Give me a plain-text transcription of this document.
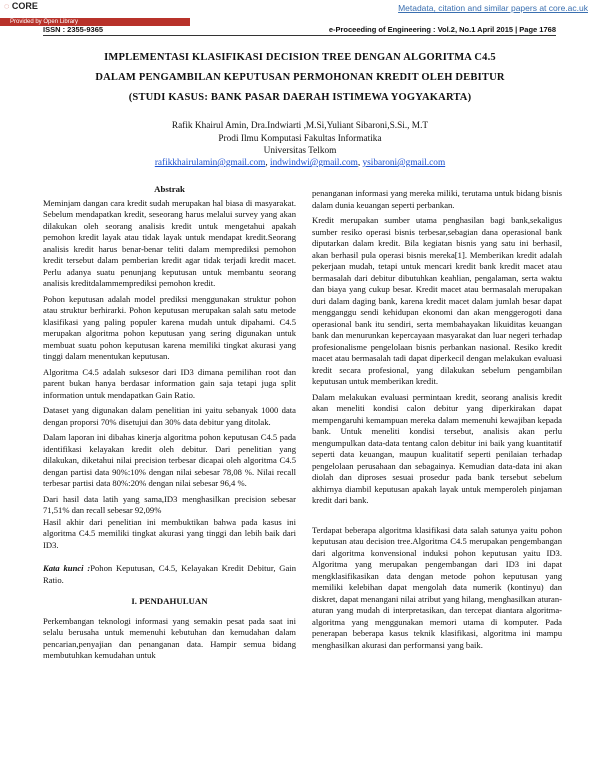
◌ CORE	Metadata, citation and similar papers at core.ac.uk
Provided by Open Library
ISSN : 2355-9365	e-Proceeding of Engineering : Vol.2, No.1 April 2015 | Page 1768
IMPLEMENTASI KLASIFIKASI DECISION TREE DENGAN ALGORITMA C4.5
DALAM PENGAMBILAN KEPUTUSAN PERMOHONAN KREDIT OLEH DEBITUR
(STUDI KASUS: BANK PASAR DAERAH ISTIMEWA YOGYAKARTA)
Rafik Khairul Amin, Dra.Indwiarti ,M.Si,Yuliant Sibaroni,S.Si., M.T
Prodi Ilmu Komputasi Fakultas Informatika
Universitas Telkom
rafikkhairulamin@gmail.com, indwindwi@gmail.com, ysibaroni@gmail.com
Abstrak

Meminjam dangan cara kredit sudah merupakan hal biasa di masyarakat. Sebelum mendapatkan kredit, seseorang harus melalui survey yang akan dilakukan oleh seorang analisis kredit untuk mengetahui apakah pemohon kredit layak atau tidak layak untuk mendapat kredit.Seorang analisis kredit harus benar-benar teliti dalam memprediksi pemohon kredit tersebut dalam pemberian kredit agar tidak terjadi kredit macet. Perlu adanya suatu penunjang keputusan untuk membantu seorang analisis kreditdalammemprediksi pemohon kredit.

Pohon keputusan adalah model prediksi menggunakan struktur pohon atau struktur berhirarki. Pohon keputusan merupakan salah satu metode klasifikasi yang paling populer karena mudah untuk dipahami. C4.5 merupakan algoritma pohon keputusan yang sering digunakan untuk membuat suatu pohon keputusan karena memiliki tingkat akurasi yang tinggi dalam menentukan keputusan.

Algoritma C4.5 adalah suksesor dari ID3 dimana pemilihan root dan parent bukan hanya berdasar information gain saja tetapi juga split information untuk mendapatkan Gain Ratio.

Dataset yang digunakan dalam penelitian ini yaitu sebanyak 1000 data dengan proporsi 70% disetujui dan 30% data debitur yang ditolak.

Dalam laporan ini dibahas kinerja algoritma pohon keputusan C4.5 pada identifikasi kelayakan kredit oleh debitur. Dari penelitian yang dilakukan, diketahui nilai precision terbesar dicapai oleh algoritma C4.5 dengan partisi data 90%:10% dengan nilai sebesar 78,08 %. Nilai recall terbesar partisi data 80%:20% dengan nilai sebesar 96,4 %.

Dari hasil data latih yang sama,ID3 menghasilkan precision sebesar 71,51% dan recall sebesar 92,09%

Hasil akhir dari penelitian ini membuktikan bahwa pada kasus ini algoritma C4.5 memiliki tingkat akurasi yang tinggi dan lebih baik dari ID3.

Kata kunci :Pohon Keputusan, C4.5, Kelayakan Kredit Debitur, Gain Ratio.

I. PENDAHULUAN

Perkembangan teknologi informasi yang semakin pesat pada saat ini selalu berusaha untuk memenuhi kebutuhan dan kemudahan dalam pencarian,penyajian dan penanganan data. Hampir semua bidang membutuhkan kemudahan untuk

penanganan informasi yang mereka miliki, terutama untuk bidang bisnis dalam dunia keuangan seperti perbankan.

Kredit merupakan sumber utama penghasilan bagi bank,sekaligus sumber resiko operasi bisnis terbesar,sebagian dana operasional bank diputarkan dalam kredit. Bila kegiatan bisnis yang satu ini berhasil, akan berhasil pula operasi bisnis mereka[1]. Memberikan kredit adalah pekerjaan mudah, tetapi untuk mencari kredit bank kredit macet atau bermasalah dari debitur dibutuhkan keahlian, pengalaman, serta waktu dan biaya yang cukup besar. Kredit macet atau bermasalah merupakan duri dalam daging bank, karena kredit macet dalam jumlah besar dapat mengganggu sendi kehidupan ekonomi dan akan menggerogoti dana operasional bank itu sendiri, serta membahayakan likuiditas keuangan bank dan menurunkan kepercayaan masyarakat dan luar negeri terhadap profesionalisme pengelolaan bisnis perbankan nasional. Resiko kredit macet atau bermasalah tadi dapat diperkecil dengan melakukan evaluasi kredit secara profesional, yang dilakukan sebelum pengambilan keputusan untuk memberikan kredit.

Dalam melakukan evaluasi permintaan kredit, seorang analisis kredit akan meneliti kondisi calon debitur yang diperkirakan dapat mempengaruhi kemampuan mereka dalam memenuhi kewajiban kepada bank. Untuk meneliti kondisi tersebut, analisis akan perlu mengumpulkan data-data tentang calon debitur ini baik yang kuantitatif seperti data keuangan, maupun kualitatif seperti penilaian terhadap pengelolaan perusahaan dan sebagainya. Kemudian data-data ini akan diolah dan diproses sesuai prosedur pada bank tersebut sebelum akhirnya diambil keputusan apakah layak untuk memperoleh pinjaman kredit dari bank.

Terdapat beberapa algoritma klasifikasi data salah satunya yaitu pohon keputusan atau decision tree.Algoritma C4.5 merupakan pengembangan dari algoritma konvensional induksi pohon keputusan yaitu ID3. Algoritma yang merupakan pengembangan dari ID3 ini dapat mengklasifikasikan data dengan metode pohon keputusan yang memiliki kelebihan dapat mengolah data numerik (kontinyu) dan diskret, dapat menangani nilai atribut yang hilang, menghasilkan aturan-aturan yang mudah di interpretasikan, dan tercepat diantara algoritma-algoritma yang menggunakan memori utama di komputer. Pada penerapan beberapa kasus teknik klasifikasi, algoritma ini mampu menghasilkan akurasi dan performansi yang baik.
